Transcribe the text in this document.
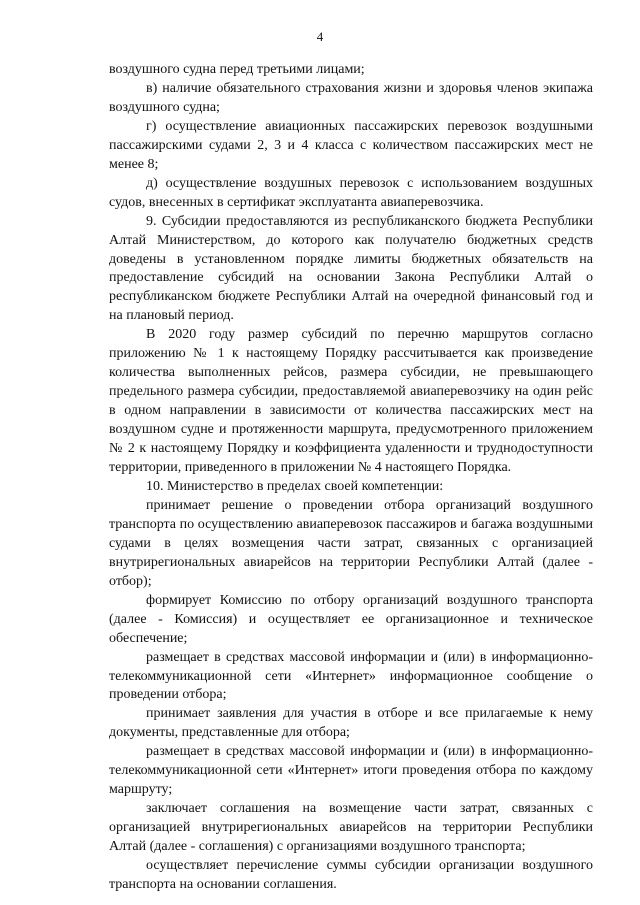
4

воздушного судна перед третьими лицами;

в) наличие обязательного страхования жизни и здоровья членов экипажа воздушного судна;

г) осуществление авиационных пассажирских перевозок воздушными пассажирскими судами 2, 3 и 4 класса с количеством пассажирских мест не менее 8;

д) осуществление воздушных перевозок с использованием воздушных судов, внесенных в сертификат эксплуатанта авиаперевозчика.

9. Субсидии предоставляются из республиканского бюджета Республики Алтай Министерством, до которого как получателю бюджетных средств доведены в установленном порядке лимиты бюджетных обязательств на предоставление субсидий на основании Закона Республики Алтай о республиканском бюджете Республики Алтай на очередной финансовый год и на плановый период.

В 2020 году размер субсидий по перечню маршрутов согласно приложению № 1 к настоящему Порядку рассчитывается как произведение количества выполненных рейсов, размера субсидии, не превышающего предельного размера субсидии, предоставляемой авиаперевозчику на один рейс в одном направлении в зависимости от количества пассажирских мест на воздушном судне и протяженности маршрута, предусмотренного приложением № 2 к настоящему Порядку и коэффициента удаленности и труднодоступности территории, приведенного в приложении № 4 настоящего Порядка.

10. Министерство в пределах своей компетенции:

принимает решение о проведении отбора организаций воздушного транспорта по осуществлению авиаперевозок пассажиров и багажа воздушными судами в целях возмещения части затрат, связанных с организацией внутрирегиональных авиарейсов на территории Республики Алтай (далее - отбор);

формирует Комиссию по отбору организаций воздушного транспорта (далее - Комиссия) и осуществляет ее организационное и техническое обеспечение;

размещает в средствах массовой информации и (или) в информационно-телекоммуникационной сети «Интернет» информационное сообщение о проведении отбора;

принимает заявления для участия в отборе и все прилагаемые к нему документы, представленные для отбора;

размещает в средствах массовой информации и (или) в информационно-телекоммуникационной сети «Интернет» итоги проведения отбора по каждому маршруту;

заключает соглашения на возмещение части затрат, связанных с организацией внутрирегиональных авиарейсов на территории Республики Алтай (далее - соглашения) с организациями воздушного транспорта;

осуществляет перечисление суммы субсидии организации воздушного транспорта на основании соглашения.
